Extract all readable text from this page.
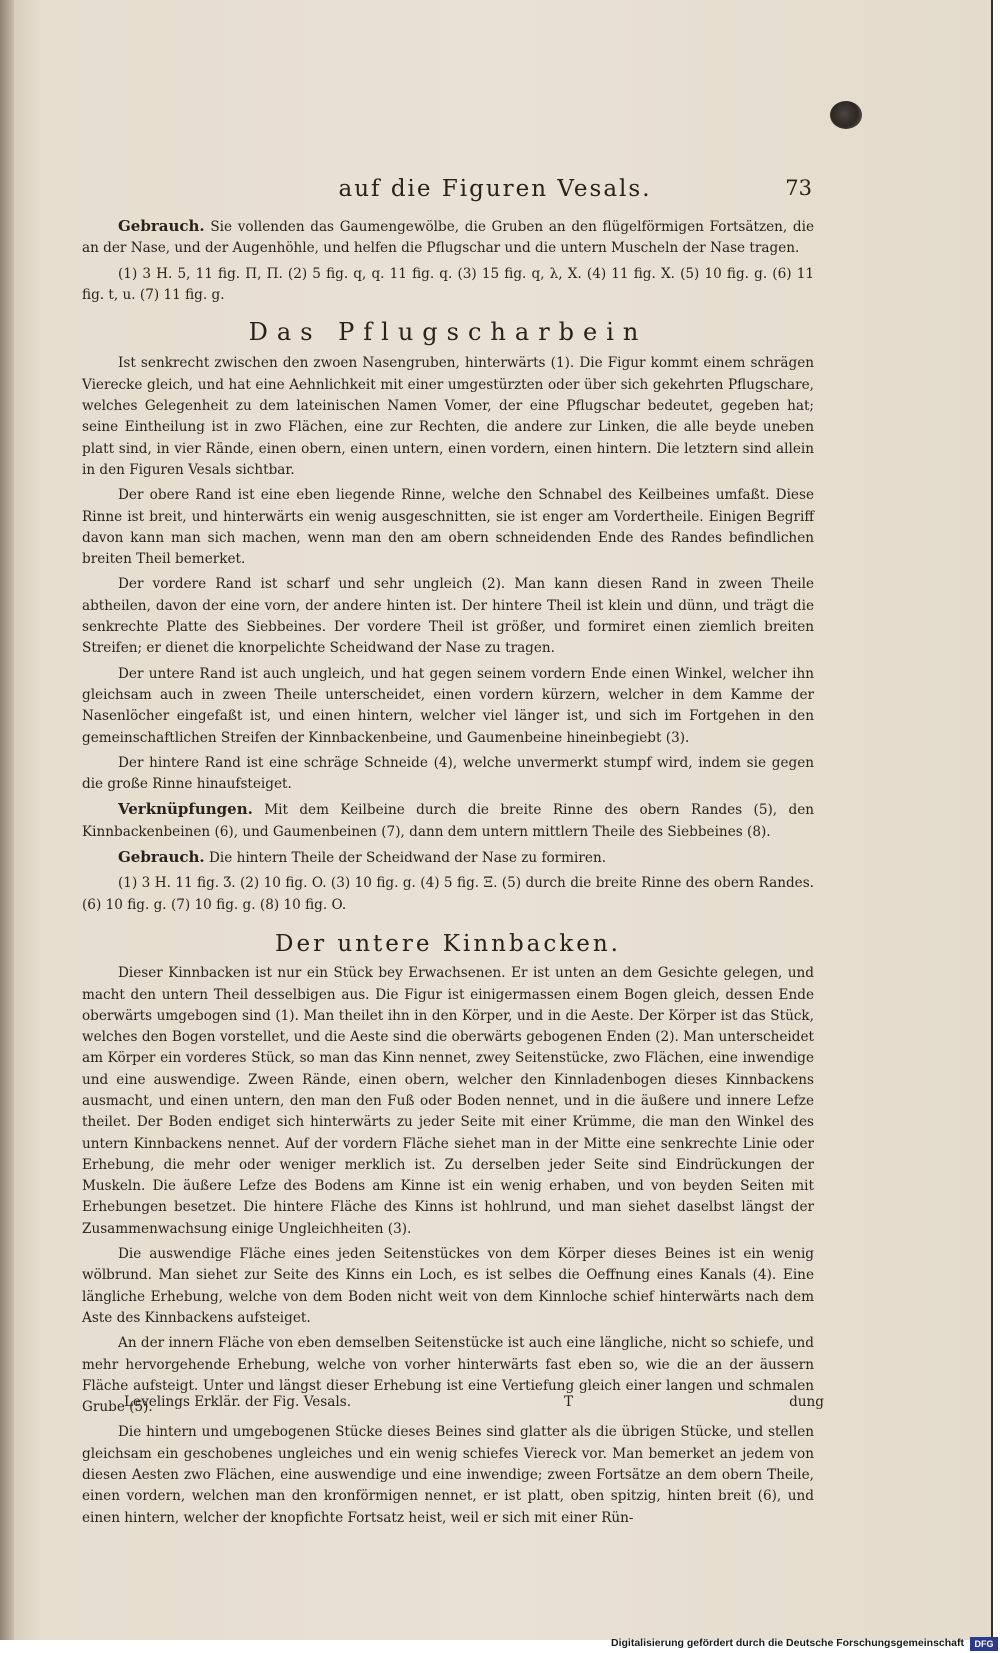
auf die Figuren Vesals.	73

Gebrauch. Sie vollenden das Gaumengewölbe, die Gruben an den flügelförmigen Fortsätzen, die an der Nase, und der Augenhöhle, und helfen die Pflugschar und die untern Muscheln der Nase tragen.

(1) 3 H. 5, 11 fig. Π, Π. (2) 5 fig. q, q. 11 fig. q. (3) 15 fig. q, λ, X. (4) 11 fig. X. (5) 10 fig. g. (6) 11 fig. t, u. (7) 11 fig. g.

Das Pflugscharbein

Ist senkrecht zwischen den zwoen Nasengruben, hinterwärts (1). Die Figur kommt einem schrägen Vierecke gleich, und hat eine Aehnlichkeit mit einer umgestürzten oder über sich gekehrten Pflugschare, welches Gelegenheit zu dem lateinischen Namen Vomer, der eine Pflugschar bedeutet, gegeben hat; seine Eintheilung ist in zwo Flächen, eine zur Rechten, die andere zur Linken, die alle beyde uneben platt sind, in vier Rände, einen obern, einen untern, einen vordern, einen hintern. Die letztern sind allein in den Figuren Vesals sichtbar.

Der obere Rand ist eine eben liegende Rinne, welche den Schnabel des Keilbeines umfaßt. Diese Rinne ist breit, und hinterwärts ein wenig ausgeschnitten, sie ist enger am Vordertheile. Einigen Begriff davon kann man sich machen, wenn man den am obern schneidenden Ende des Randes befindlichen breiten Theil bemerket.

Der vordere Rand ist scharf und sehr ungleich (2). Man kann diesen Rand in zween Theile abtheilen, davon der eine vorn, der andere hinten ist. Der hintere Theil ist klein und dünn, und trägt die senkrechte Platte des Siebbeines. Der vordere Theil ist größer, und formiret einen ziemlich breiten Streifen; er dienet die knorpelichte Scheidwand der Nase zu tragen.

Der untere Rand ist auch ungleich, und hat gegen seinem vordern Ende einen Winkel, welcher ihn gleichsam auch in zween Theile unterscheidet, einen vordern kürzern, welcher in dem Kamme der Nasenlöcher eingefaßt ist, und einen hintern, welcher viel länger ist, und sich im Fortgehen in den gemeinschaftlichen Streifen der Kinnbackenbeine, und Gaumenbeine hineinbegiebt (3).

Der hintere Rand ist eine schräge Schneide (4), welche unvermerkt stumpf wird, indem sie gegen die große Rinne hinaufsteiget.

Verknüpfungen. Mit dem Keilbeine durch die breite Rinne des obern Randes (5), den Kinnbackenbeinen (6), und Gaumenbeinen (7), dann dem untern mittlern Theile des Siebbeines (8).

Gebrauch. Die hintern Theile der Scheidwand der Nase zu formiren.

(1) 3 H. 11 fig. Ʒ. (2) 10 fig. O. (3) 10 fig. g. (4) 5 fig. Ξ. (5) durch die breite Rinne des obern Randes. (6) 10 fig. g. (7) 10 fig. g. (8) 10 fig. O.

Der untere Kinnbacken.

Dieser Kinnbacken ist nur ein Stück bey Erwachsenen. Er ist unten an dem Gesichte gelegen, und macht den untern Theil desselbigen aus. Die Figur ist einigermassen einem Bogen gleich, dessen Ende oberwärts umgebogen sind (1). Man theilet ihn in den Körper, und in die Aeste. Der Körper ist das Stück, welches den Bogen vorstellet, und die Aeste sind die oberwärts gebogenen Enden (2). Man unterscheidet am Körper ein vorderes Stück, so man das Kinn nennet, zwey Seitenstücke, zwo Flächen, eine inwendige und eine auswendige. Zween Rände, einen obern, welcher den Kinnladenbogen dieses Kinnbackens ausmacht, und einen untern, den man den Fuß oder Boden nennet, und in die äußere und innere Lefze theilet. Der Boden endiget sich hinterwärts zu jeder Seite mit einer Krümme, die man den Winkel des untern Kinnbackens nennet. Auf der vordern Fläche siehet man in der Mitte eine senkrechte Linie oder Erhebung, die mehr oder weniger merklich ist. Zu derselben jeder Seite sind Eindrückungen der Muskeln. Die äußere Lefze des Bodens am Kinne ist ein wenig erhaben, und von beyden Seiten mit Erhebungen besetzet. Die hintere Fläche des Kinns ist hohlrund, und man siehet daselbst längst der Zusammenwachsung einige Ungleichheiten (3).

Die auswendige Fläche eines jeden Seitenstückes von dem Körper dieses Beines ist ein wenig wölbrund. Man siehet zur Seite des Kinns ein Loch, es ist selbes die Oeffnung eines Kanals (4). Eine längliche Erhebung, welche von dem Boden nicht weit von dem Kinnloche schief hinterwärts nach dem Aste des Kinnbackens aufsteiget.

An der innern Fläche von eben demselben Seitenstücke ist auch eine längliche, nicht so schiefe, und mehr hervorgehende Erhebung, welche von vorher hinterwärts fast eben so, wie die an der äussern Fläche aufsteigt. Unter und längst dieser Erhebung ist eine Vertiefung gleich einer langen und schmalen Grube (5).

Die hintern und umgebogenen Stücke dieses Beines sind glatter als die übrigen Stücke, und stellen gleichsam ein geschobenes ungleiches und ein wenig schiefes Viereck vor. Man bemerket an jedem von diesen Aesten zwo Flächen, eine auswendige und eine inwendige; zween Fortsätze an dem obern Theile, einen vordern, welchen man den kronförmigen nennet, er ist platt, oben spitzig, hinten breit (6), und einen hintern, welcher der knopfichte Fortsatz heist, weil er sich mit einer Rün-

Levelings Erklär. der Fig. Vesals.	T	dung
Digitalisierung gefördert durch die Deutsche Forschungsgemeinschaft	DFG
